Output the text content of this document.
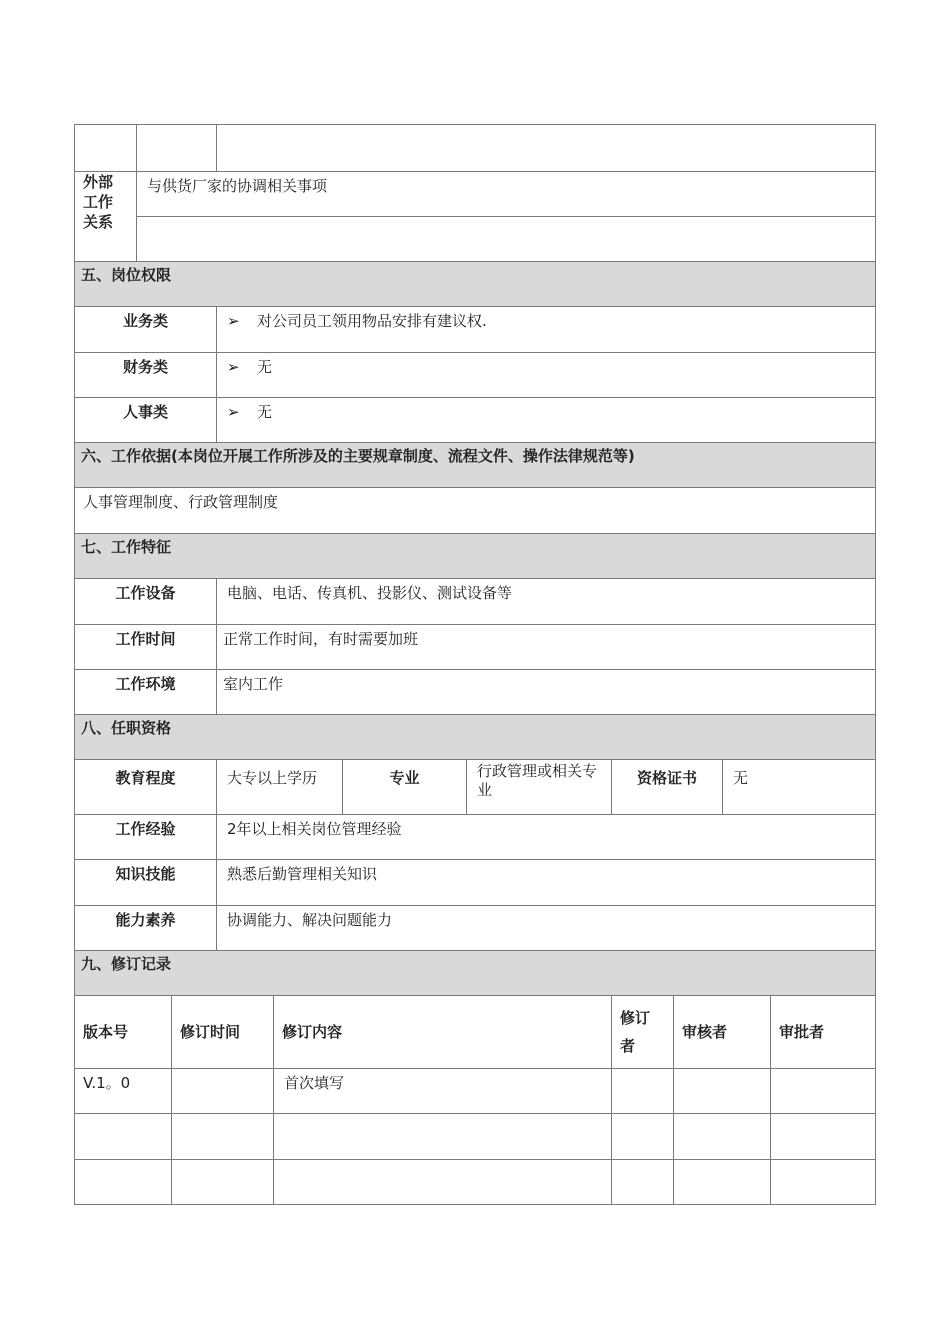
外部
工作
关系	与供货厂家的协调相关事项	

五、岗位权限	
业务类	➢ 对公司员工领用物品安排有建议权.
财务类	➢ 无
人事类	➢ 无
六、工作依据(本岗位开展工作所涉及的主要规章制度、流程文件、操作法律规范等)
人事管理制度、行政管理制度
七、工作特征	
工作设备	电脑、电话、传真机、投影仪、测试设备等
工作时间	正常工作时间，有时需要加班
工作环境	室内工作
八、任职资格					
教育程度	大专以上学历	专业	行政管理或相关专业	资格证书	无
工作经验	2年以上相关岗位管理经验				
知识技能	熟悉后勤管理相关知识				
能力素养	协调能力、解决问题能力				
九、修订记录					
版本号	修订时间	修订内容	修订者	审核者	审批者
V.1。0		首次填写			
